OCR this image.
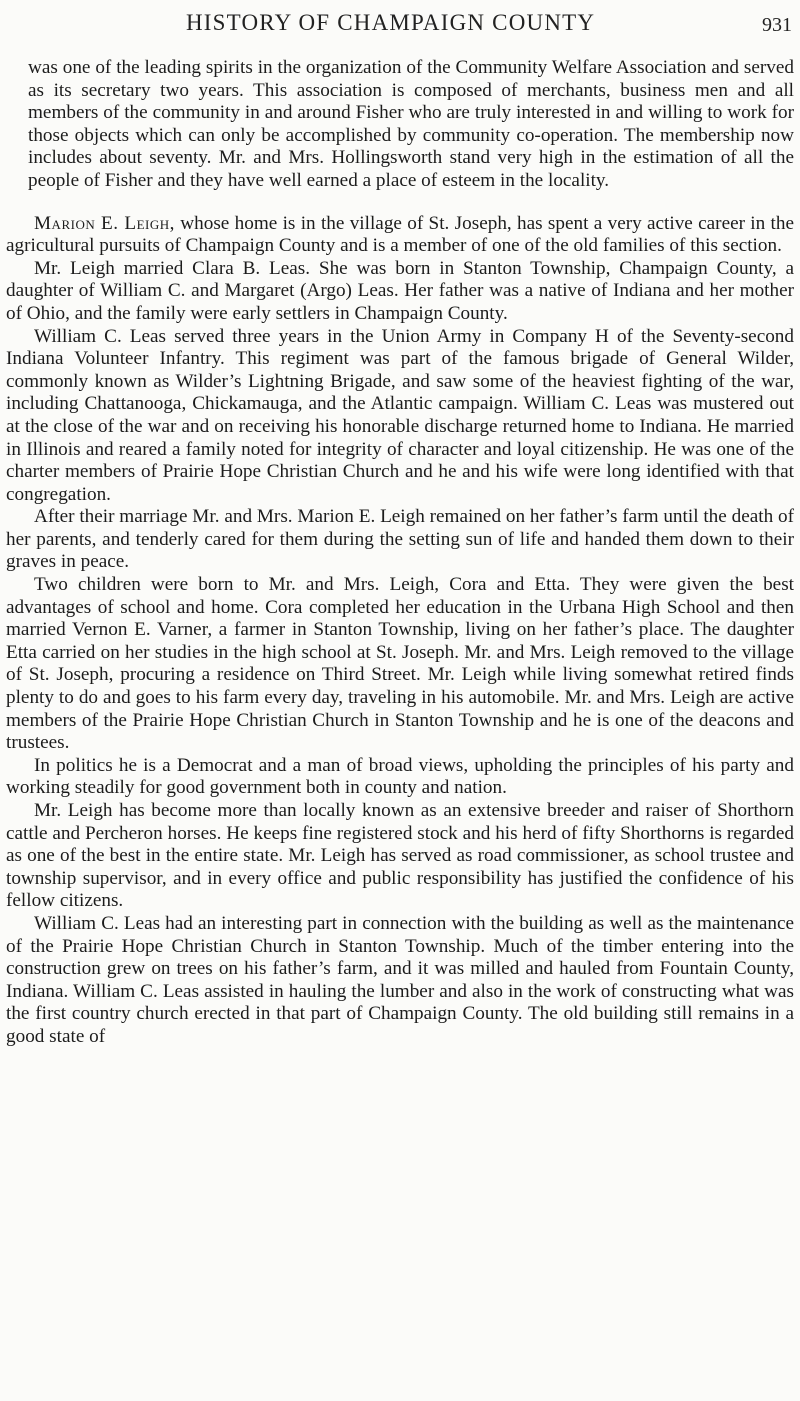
HISTORY OF CHAMPAIGN COUNTY	931

was one of the leading spirits in the organization of the Community Welfare Association and served as its secretary two years. This association is composed of merchants, business men and all members of the community in and around Fisher who are truly interested in and willing to work for those objects which can only be accomplished by community co-operation. The membership now includes about seventy. Mr. and Mrs. Hollingsworth stand very high in the estimation of all the people of Fisher and they have well earned a place of esteem in the locality.

Marion E. Leigh, whose home is in the village of St. Joseph, has spent a very active career in the agricultural pursuits of Champaign County and is a member of one of the old families of this section.

Mr. Leigh married Clara B. Leas. She was born in Stanton Township, Champaign County, a daughter of William C. and Margaret (Argo) Leas. Her father was a native of Indiana and her mother of Ohio, and the family were early settlers in Champaign County.

William C. Leas served three years in the Union Army in Company H of the Seventy-second Indiana Volunteer Infantry. This regiment was part of the famous brigade of General Wilder, commonly known as Wilder’s Lightning Brigade, and saw some of the heaviest fighting of the war, including Chattanooga, Chickamauga, and the Atlantic campaign. William C. Leas was mustered out at the close of the war and on receiving his honorable discharge returned home to Indiana. He married in Illinois and reared a family noted for integrity of character and loyal citizenship. He was one of the charter members of Prairie Hope Christian Church and he and his wife were long identified with that congregation.

After their marriage Mr. and Mrs. Marion E. Leigh remained on her father’s farm until the death of her parents, and tenderly cared for them during the setting sun of life and handed them down to their graves in peace.

Two children were born to Mr. and Mrs. Leigh, Cora and Etta. They were given the best advantages of school and home. Cora completed her education in the Urbana High School and then married Vernon E. Varner, a farmer in Stanton Township, living on her father’s place. The daughter Etta carried on her studies in the high school at St. Joseph. Mr. and Mrs. Leigh removed to the village of St. Joseph, procuring a residence on Third Street. Mr. Leigh while living somewhat retired finds plenty to do and goes to his farm every day, traveling in his automobile. Mr. and Mrs. Leigh are active members of the Prairie Hope Christian Church in Stanton Township and he is one of the deacons and trustees.

In politics he is a Democrat and a man of broad views, upholding the principles of his party and working steadily for good government both in county and nation.

Mr. Leigh has become more than locally known as an extensive breeder and raiser of Shorthorn cattle and Percheron horses. He keeps fine registered stock and his herd of fifty Shorthorns is regarded as one of the best in the entire state. Mr. Leigh has served as road commissioner, as school trustee and township supervisor, and in every office and public responsibility has justified the confidence of his fellow citizens.

William C. Leas had an interesting part in connection with the building as well as the maintenance of the Prairie Hope Christian Church in Stanton Township. Much of the timber entering into the construction grew on trees on his father’s farm, and it was milled and hauled from Fountain County, Indiana. William C. Leas assisted in hauling the lumber and also in the work of constructing what was the first country church erected in that part of Champaign County. The old building still remains in a good state of
